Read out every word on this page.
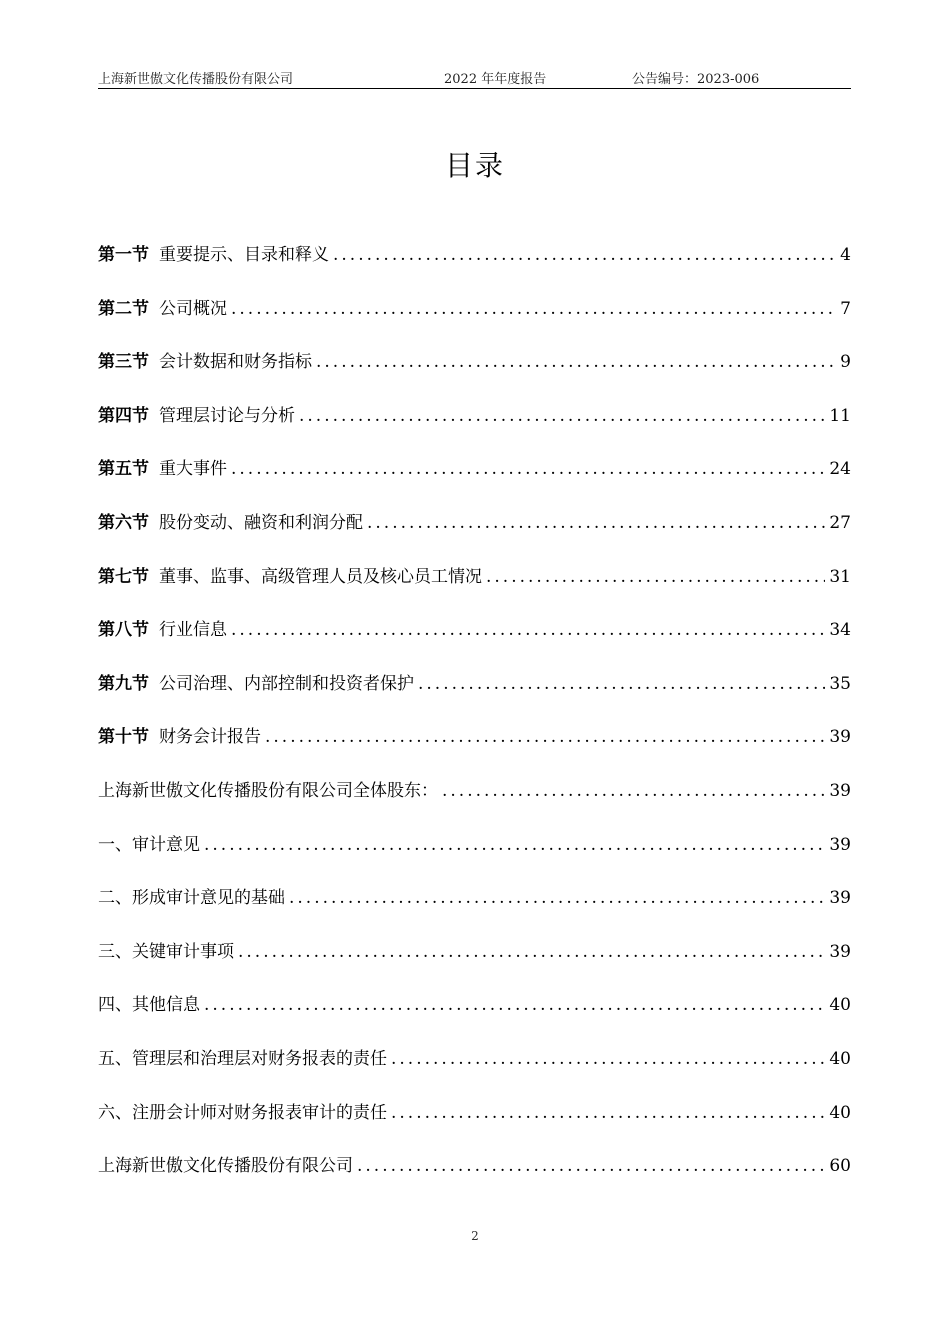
上海新世傲文化传播股份有限公司	2022 年年度报告	公告编号：2023-006
目录
第一节 重要提示、目录和释义 .....	4
第二节 公司概况 .....	7
第三节 会计数据和财务指标 .....	9
第四节 管理层讨论与分析 .....	11
第五节 重大事件 .....	24
第六节 股份变动、融资和利润分配 .....	27
第七节 董事、监事、高级管理人员及核心员工情况 .....	31
第八节 行业信息 .....	34
第九节 公司治理、内部控制和投资者保护 .....	35
第十节 财务会计报告 .....	39
上海新世傲文化传播股份有限公司全体股东： .....	39
一、审计意见 .....	39
二、形成审计意见的基础 .....	39
三、关键审计事项 .....	39
四、其他信息 .....	40
五、管理层和治理层对财务报表的责任 .....	40
六、注册会计师对财务报表审计的责任 .....	40
上海新世傲文化传播股份有限公司 .....	60
2
